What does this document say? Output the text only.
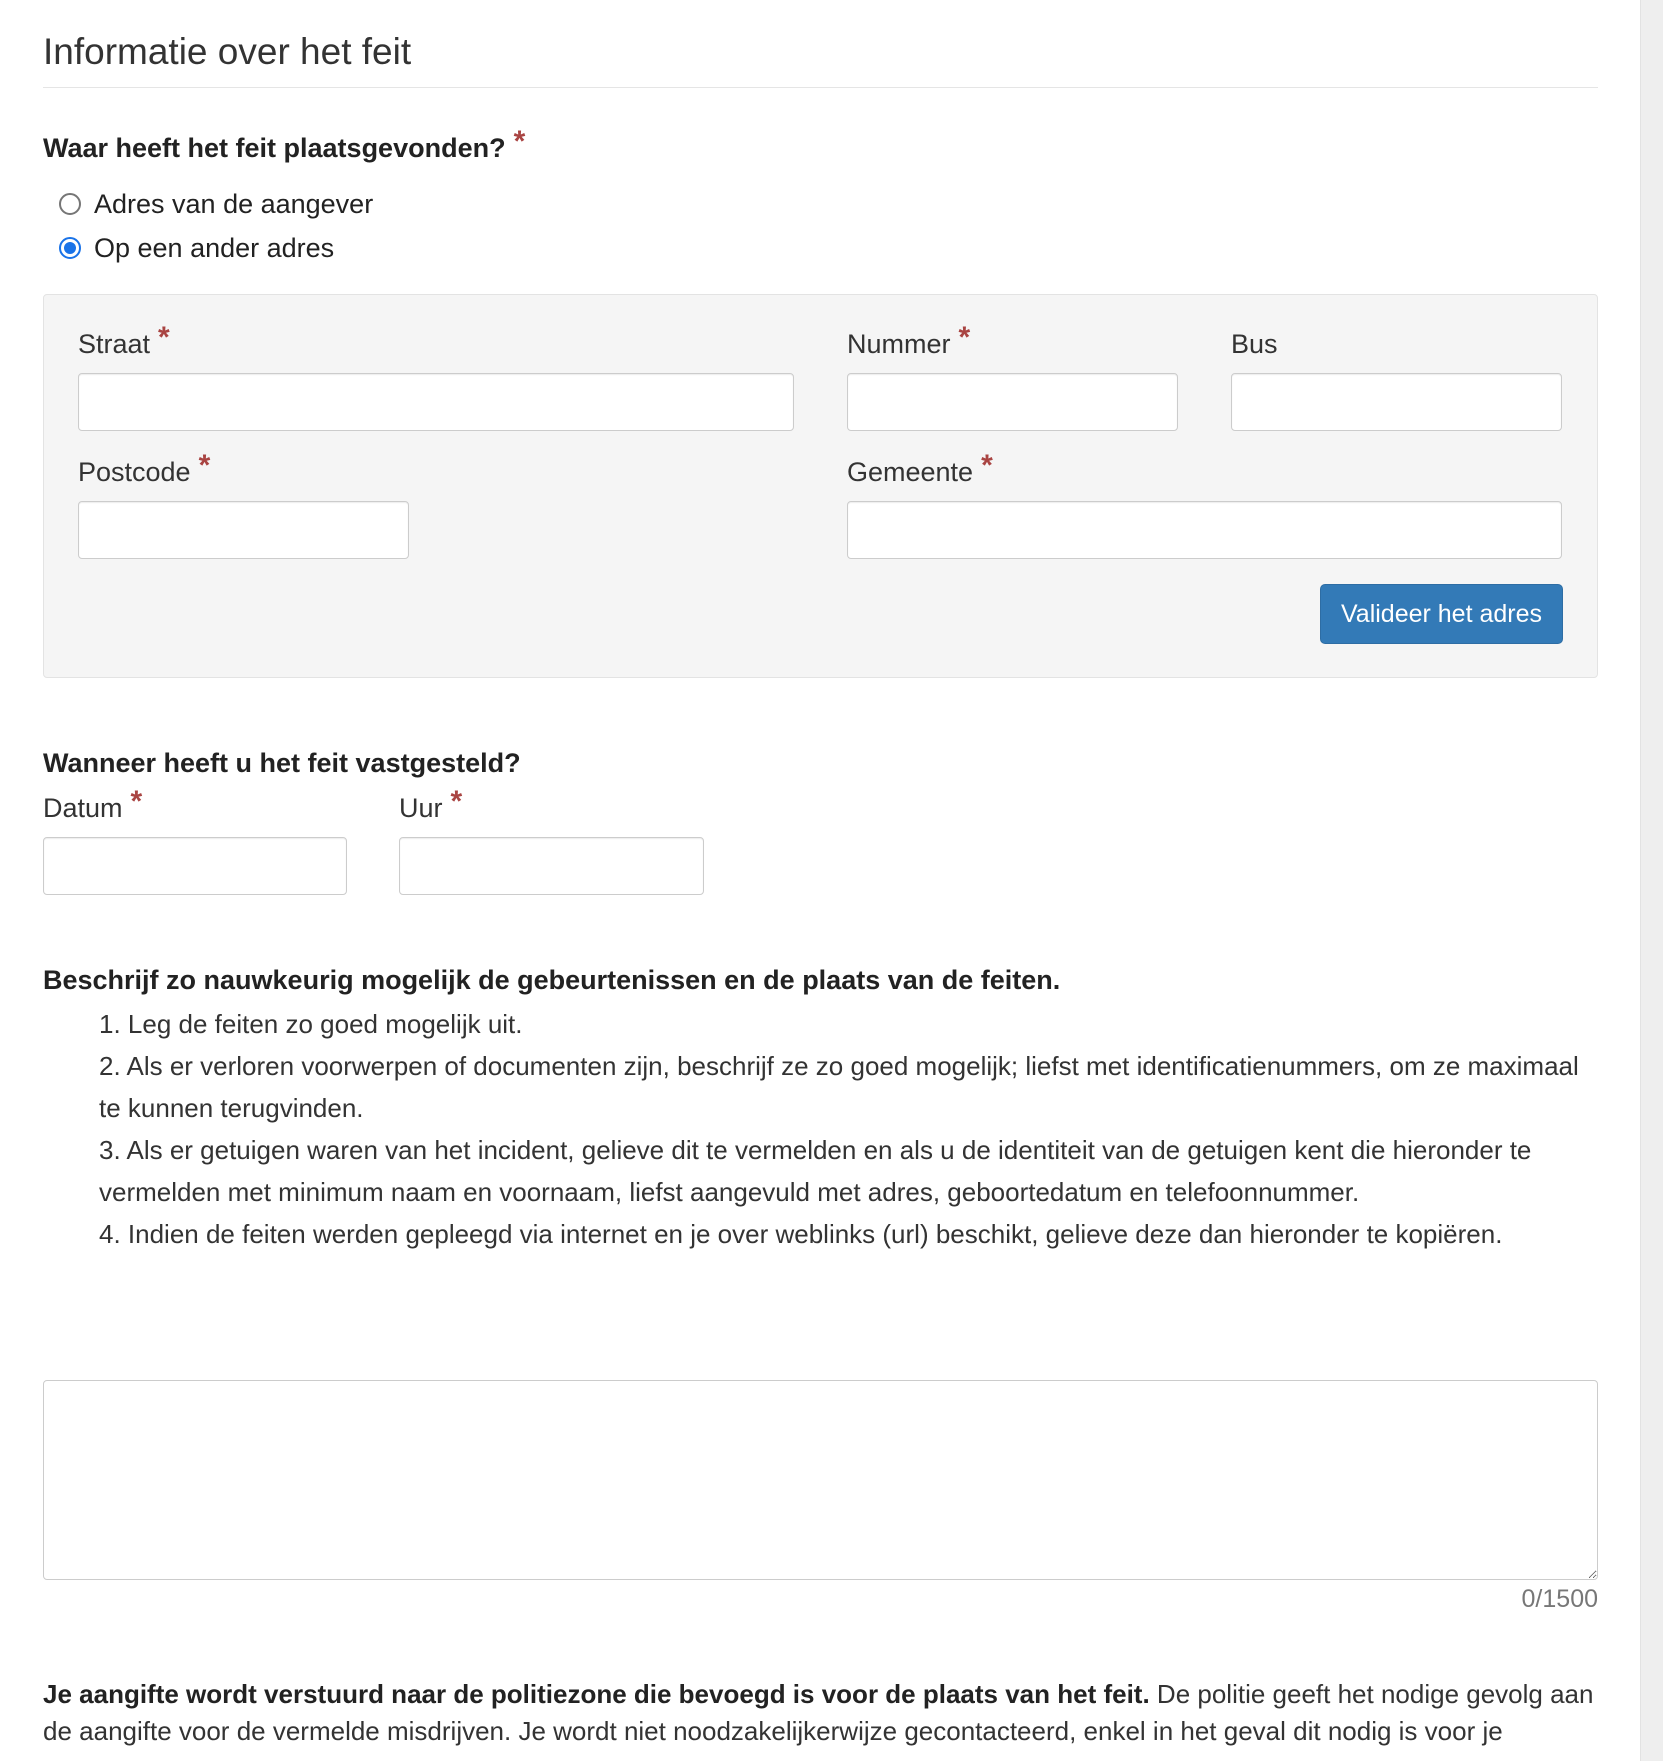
Informatie over het feit
Waar heeft het feit plaatsgevonden? *
Adres van de aangever
Op een ander adres
Straat *	Nummer *	Bus
Postcode *	Gemeente *
Valideer het adres
Wanneer heeft u het feit vastgesteld?
Datum *	Uur *
Beschrijf zo nauwkeurig mogelijk de gebeurtenissen en de plaats van de feiten.
1. Leg de feiten zo goed mogelijk uit.
2. Als er verloren voorwerpen of documenten zijn, beschrijf ze zo goed mogelijk; liefst met identificatienummers, om ze maximaal te kunnen terugvinden.
3. Als er getuigen waren van het incident, gelieve dit te vermelden en als u de identiteit van de getuigen kent die hieronder te vermelden met minimum naam en voornaam, liefst aangevuld met adres, geboortedatum en telefoonnummer.
4. Indien de feiten werden gepleegd via internet en je over weblinks (url) beschikt, gelieve deze dan hieronder te kopiëren.
0/1500
Je aangifte wordt verstuurd naar de politiezone die bevoegd is voor de plaats van het feit. De politie geeft het nodige gevolg aan de aangifte voor de vermelde misdrijven. Je wordt niet noodzakelijkerwijze gecontacteerd, enkel in het geval dit nodig is voor je
